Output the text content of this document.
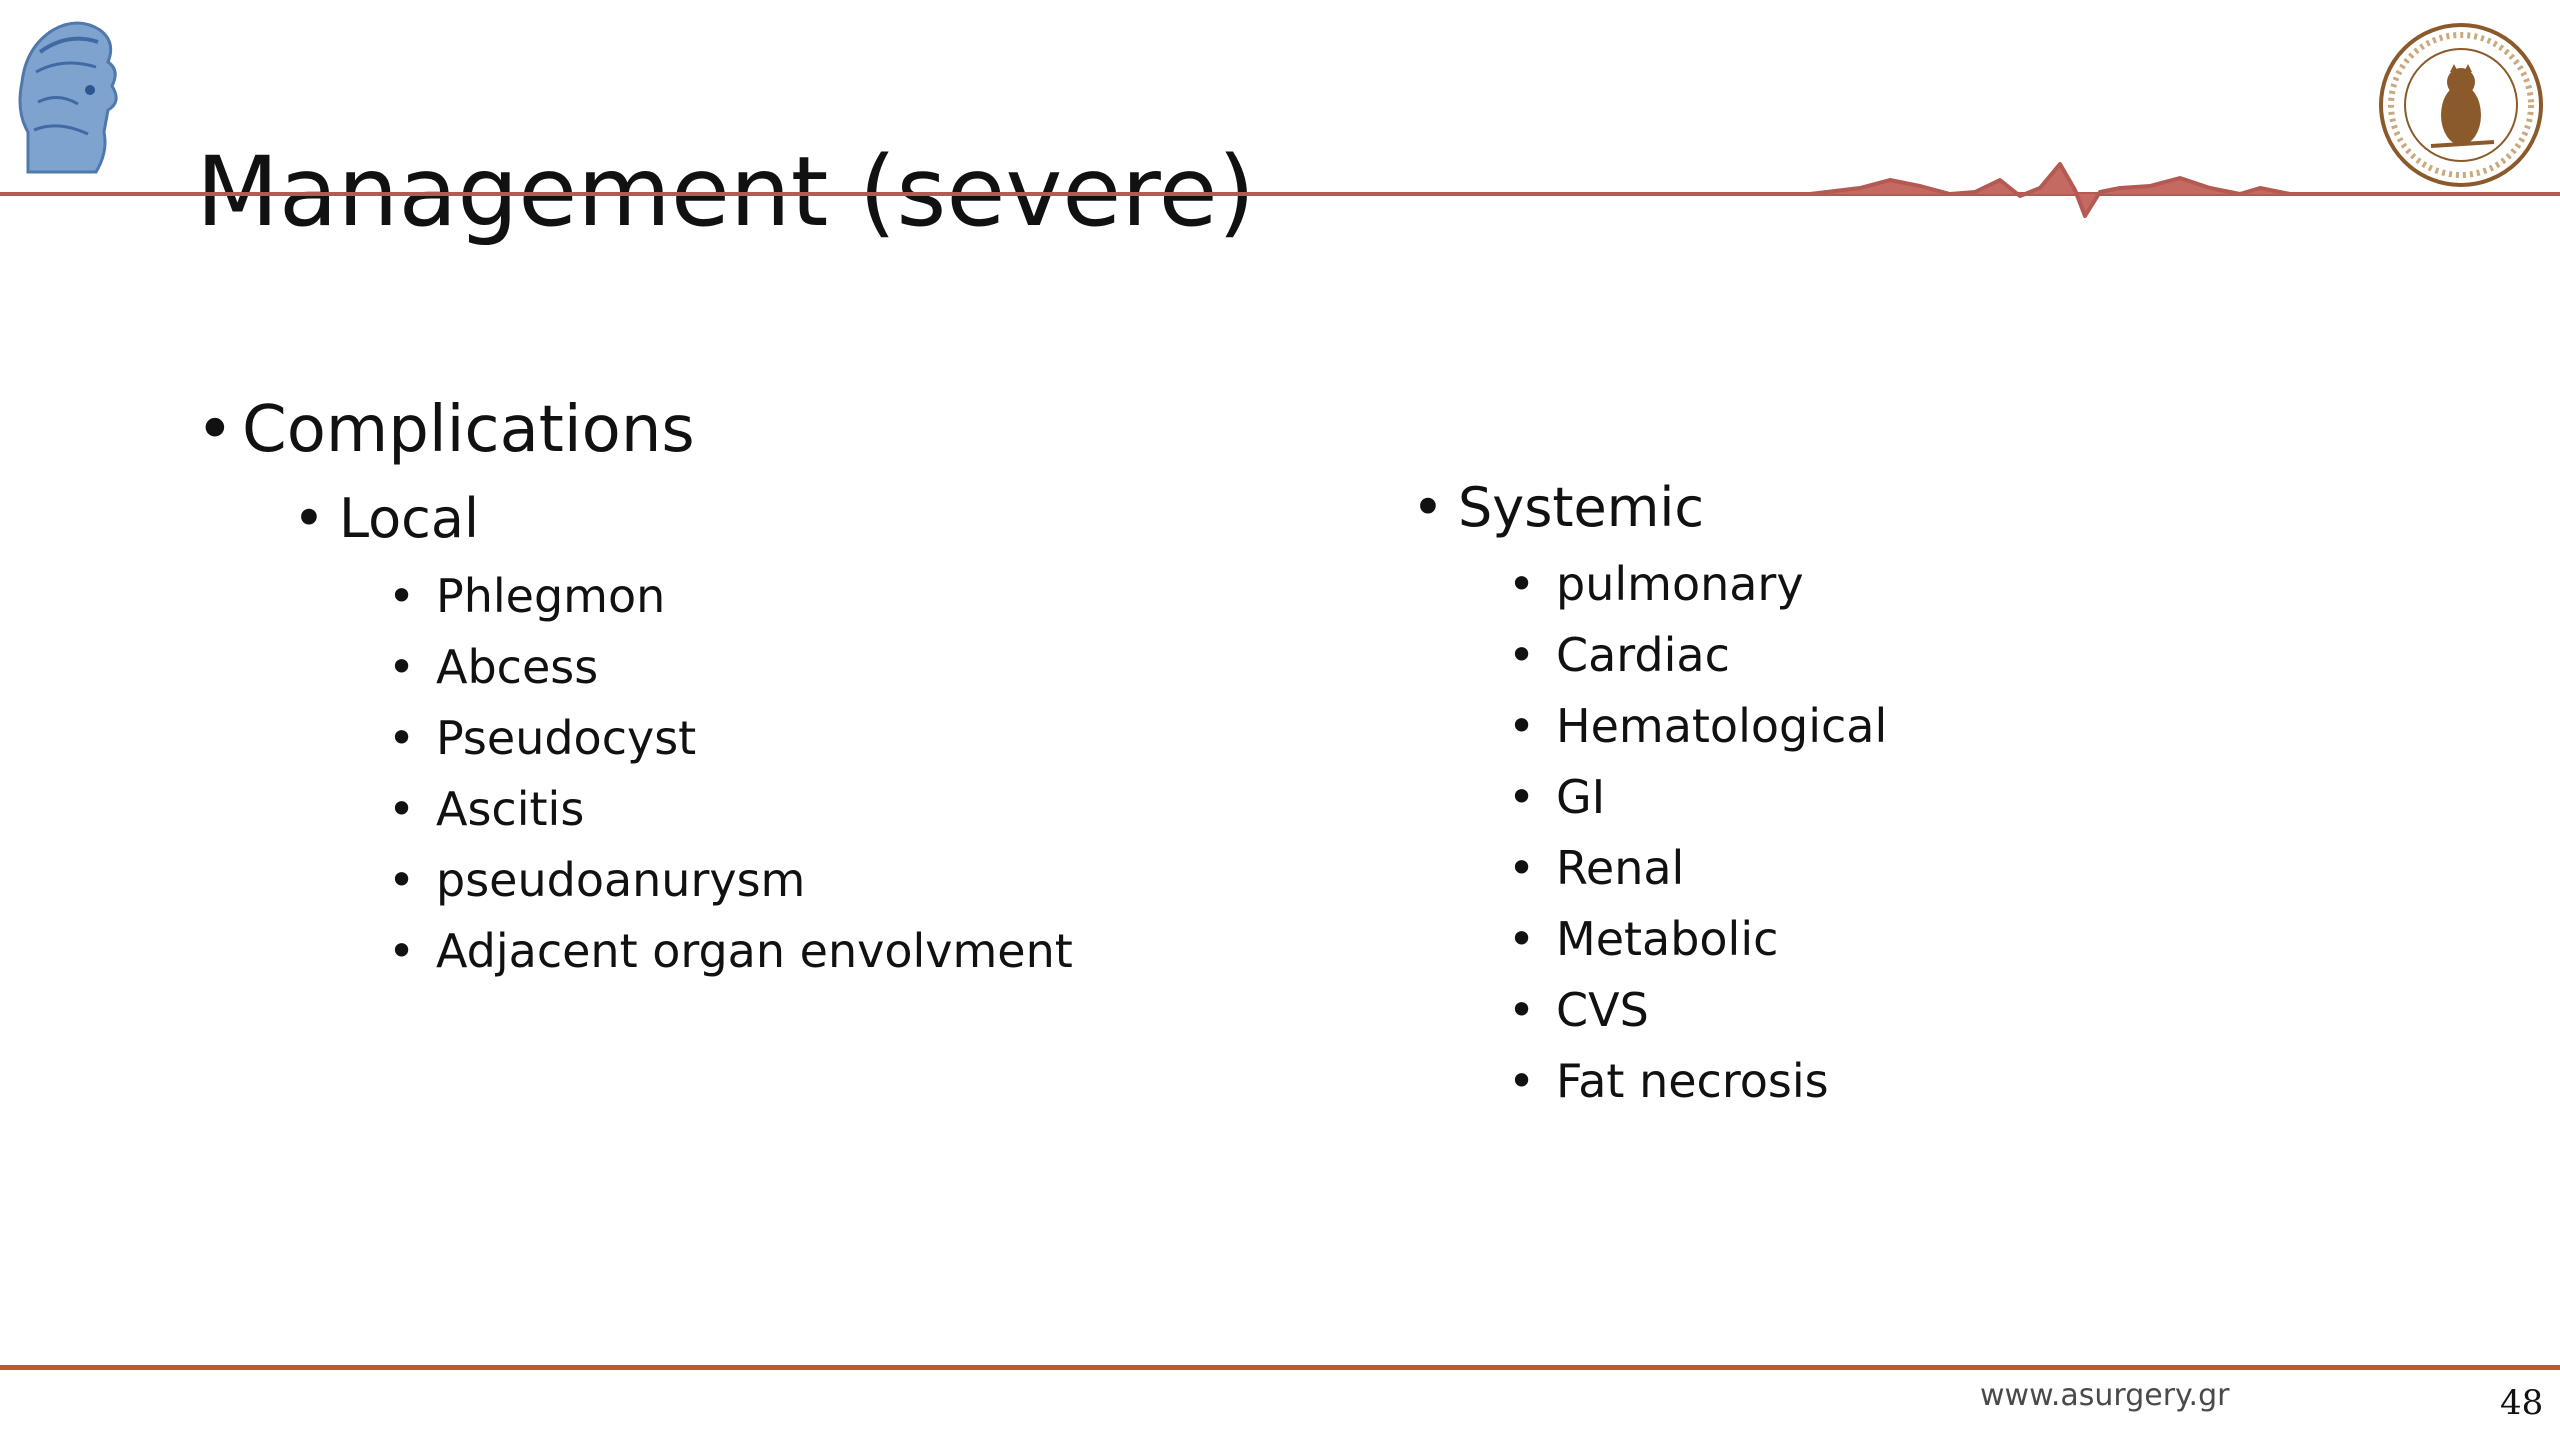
Management (severe)
• Complications
• Local
• Phlegmon
• Abcess
• Pseudocyst
• Ascitis
• pseudoanurysm
• Adjacent organ envolvment
• Systemic
• pulmonary
• Cardiac
• Hematological
• GI
• Renal
• Metabolic
• CVS
• Fat necrosis
www.asurgery.gr	48
